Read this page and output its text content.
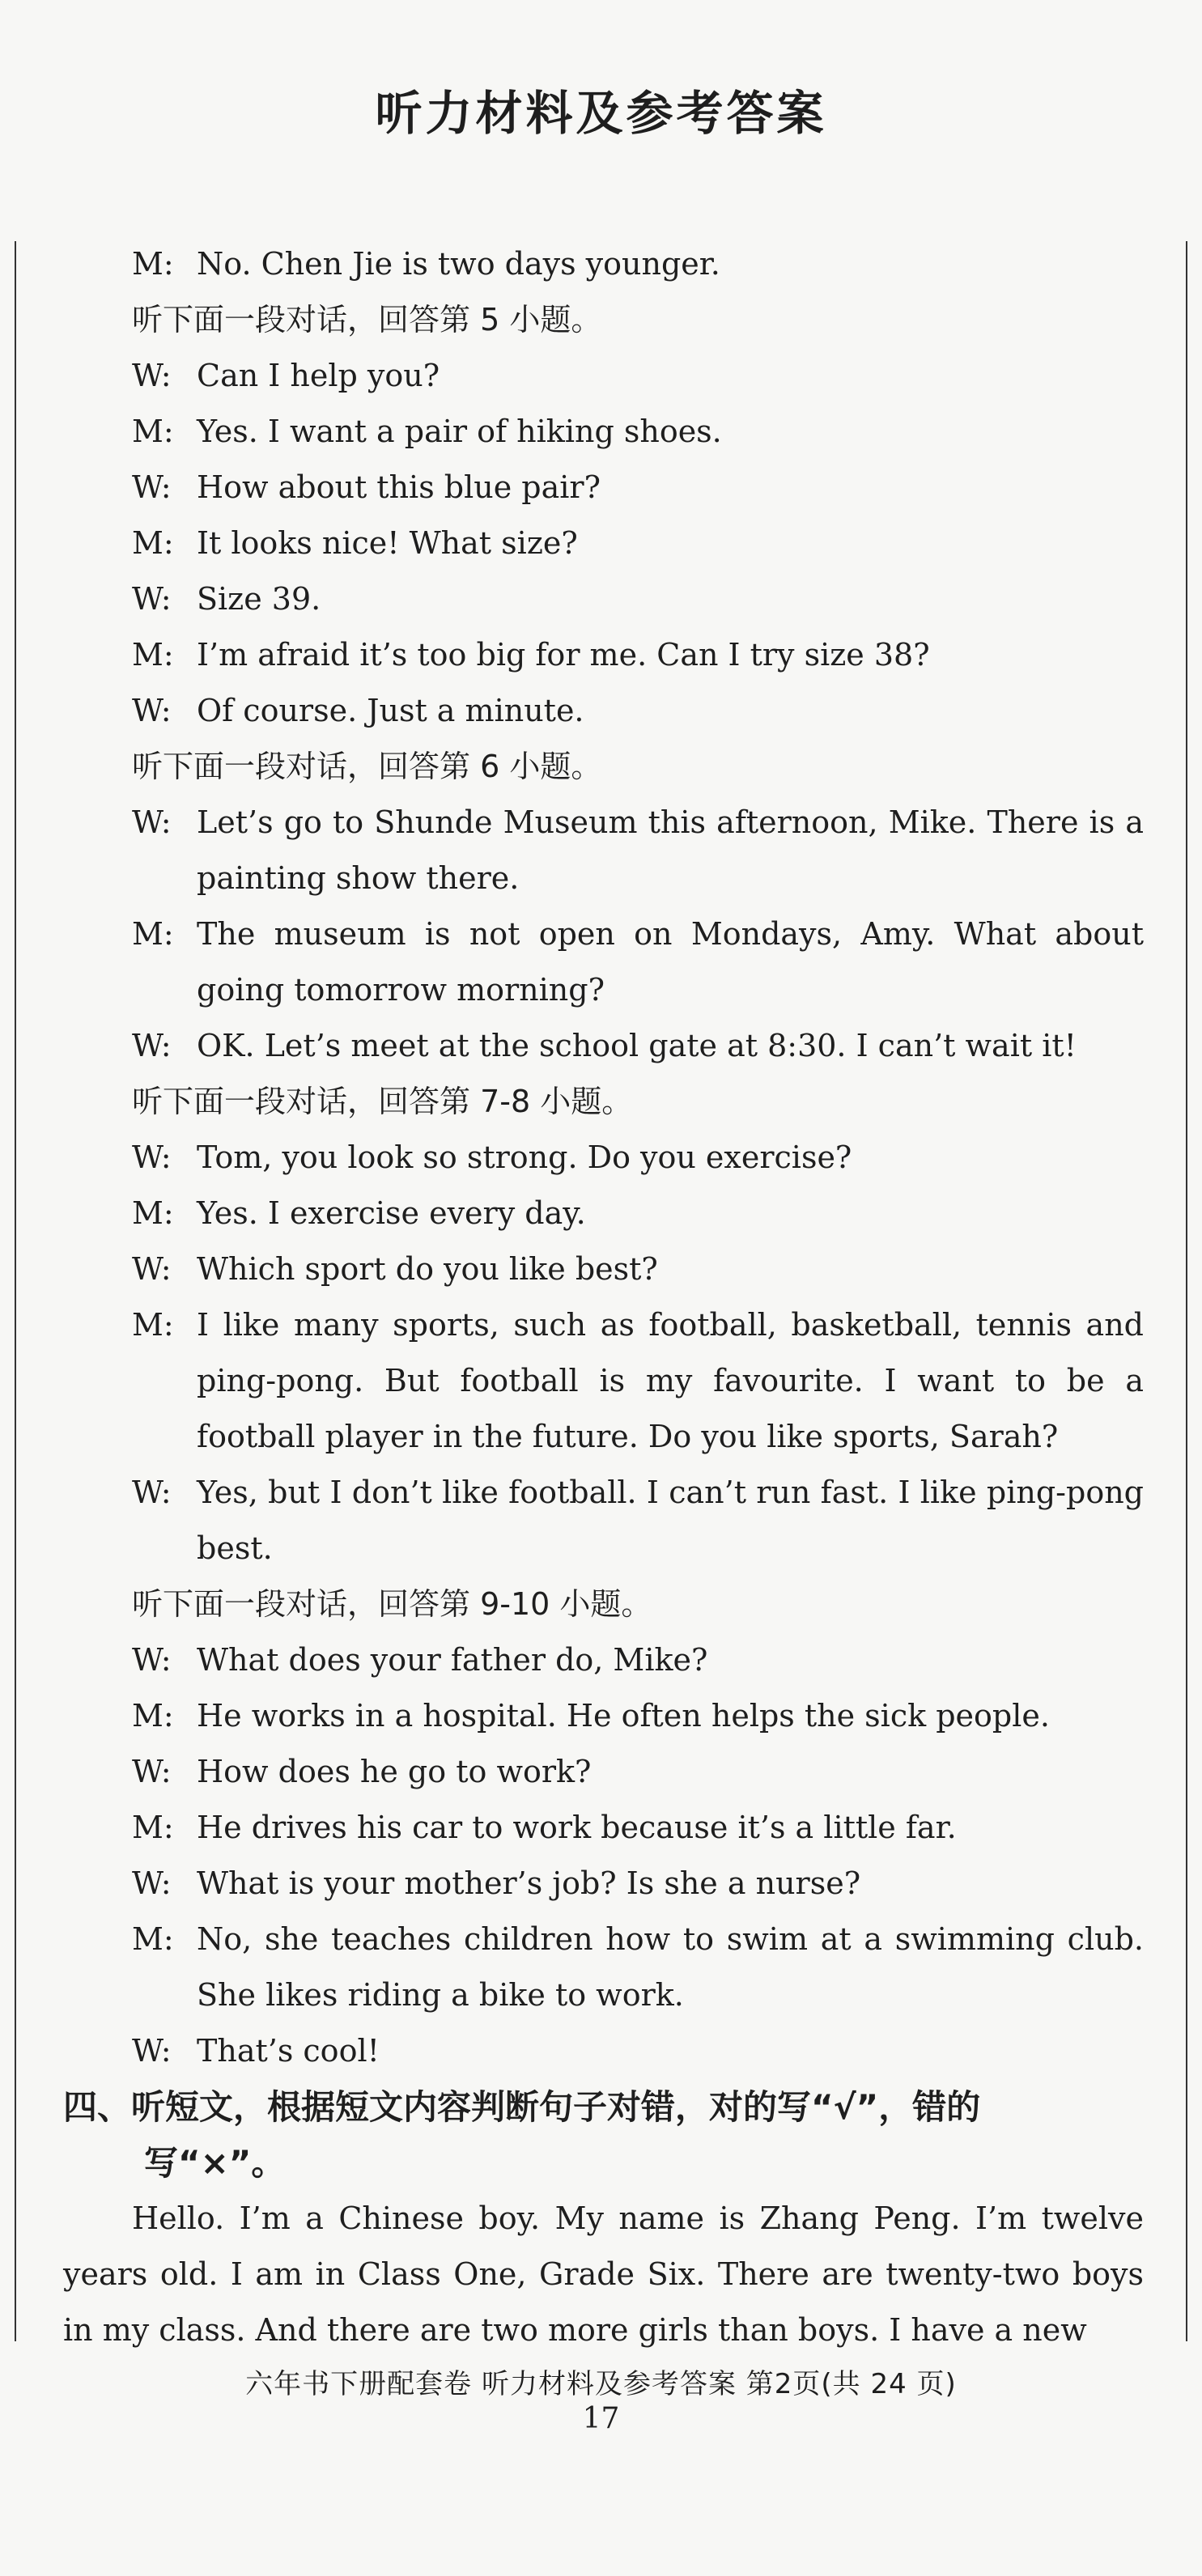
听力材料及参考答案
M: No. Chen Jie is two days younger.
听下面一段对话，回答第 5 小题。
W: Can I help you?
M: Yes. I want a pair of hiking shoes.
W: How about this blue pair?
M: It looks nice! What size?
W: Size 39.
M: I’m afraid it’s too big for me. Can I try size 38?
W: Of course. Just a minute.
听下面一段对话，回答第 6 小题。
W: Let’s go to Shunde Museum this afternoon, Mike. There is a painting show there.
M: The museum is not open on Mondays, Amy. What about going tomorrow morning?
W: OK. Let’s meet at the school gate at 8:30. I can’t wait it!
听下面一段对话，回答第 7-8 小题。
W: Tom, you look so strong. Do you exercise?
M: Yes. I exercise every day.
W: Which sport do you like best?
M: I like many sports, such as football, basketball, tennis and ping-pong. But football is my favourite. I want to be a football player in the future. Do you like sports, Sarah?
W: Yes, but I don’t like football. I can’t run fast. I like ping-pong best.
听下面一段对话，回答第 9-10 小题。
W: What does your father do, Mike?
M: He works in a hospital. He often helps the sick people.
W: How does he go to work?
M: He drives his car to work because it’s a little far.
W: What is your mother’s job? Is she a nurse?
M: No, she teaches children how to swim at a swimming club. She likes riding a bike to work.
W: That’s cool!
四、听短文，根据短文内容判断句子对错，对的写“√”，错的
写“×”。
Hello. I’m a Chinese boy. My name is Zhang Peng. I’m twelve years old. I am in Class One, Grade Six. There are twenty-two boys in my class. And there are two more girls than boys. I have a new
六年书下册配套卷 听力材料及参考答案 第2页(共 24 页)
17
